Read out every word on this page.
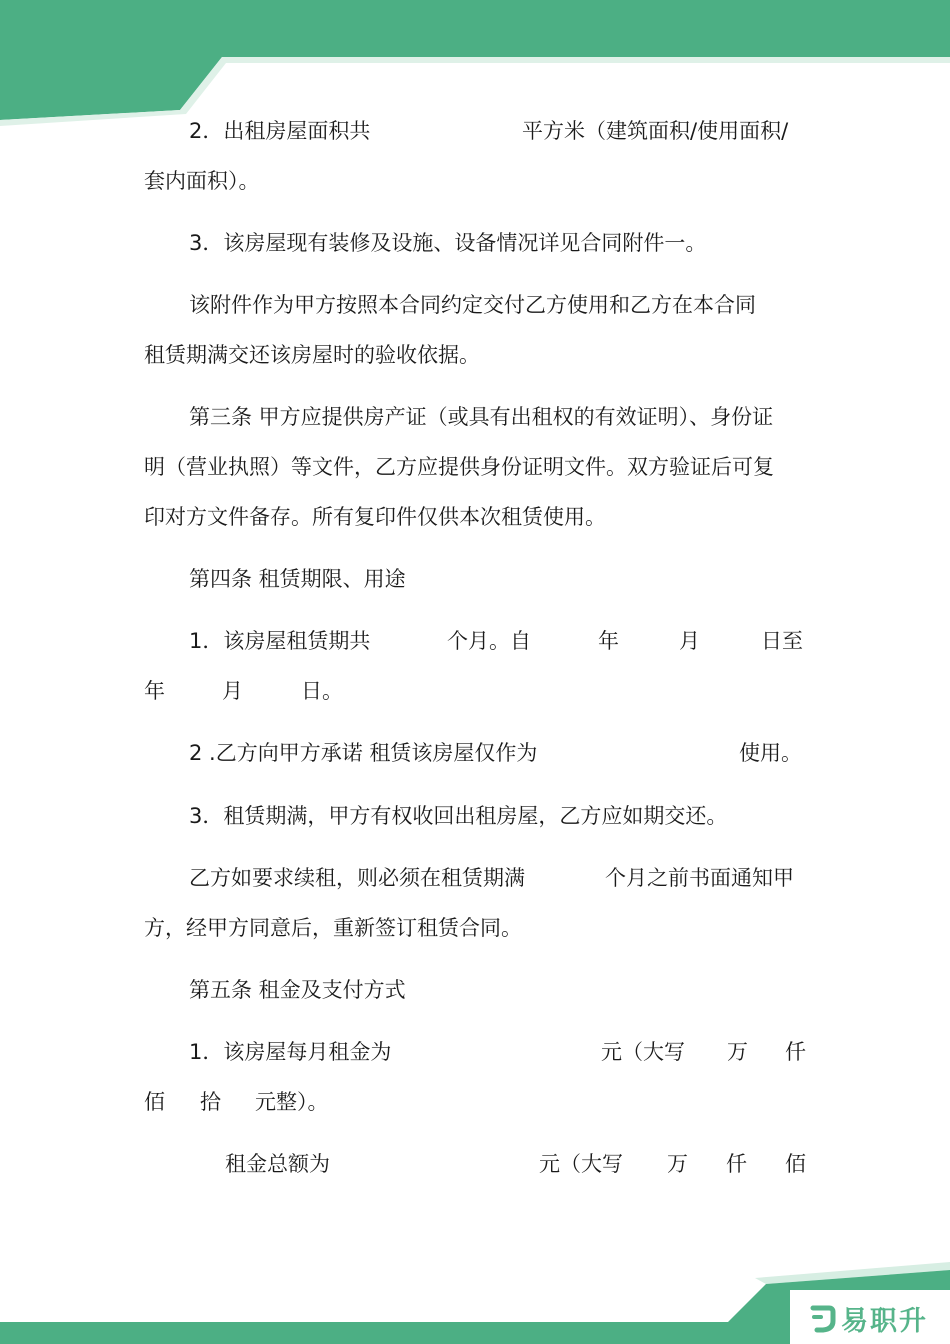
易职升
2．出租房屋面积共	平方米（建筑面积/使用面积/
套内面积）。
3．该房屋现有装修及设施、设备情况详见合同附件一。
该附件作为甲方按照本合同约定交付乙方使用和乙方在本合同
租赁期满交还该房屋时的验收依据。
第三条 甲方应提供房产证（或具有出租权的有效证明）、身份证
明（营业执照）等文件，乙方应提供身份证明文件。双方验证后可复
印对方文件备存。所有复印件仅供本次租赁使用。
第四条 租赁期限、用途
1．该房屋租赁期共	个月。自	年	月	日至
年	月	日。
2 .乙方向甲方承诺 租赁该房屋仅作为	使用。
3．租赁期满，甲方有权收回出租房屋，乙方应如期交还。
乙方如要求续租，则必须在租赁期满	个月之前书面通知甲
方，经甲方同意后，重新签订租赁合同。
第五条 租金及支付方式
1．该房屋每月租金为	元（大写 万 仟
佰 拾 元整）。
租金总额为	元（大写 万 仟 佰
